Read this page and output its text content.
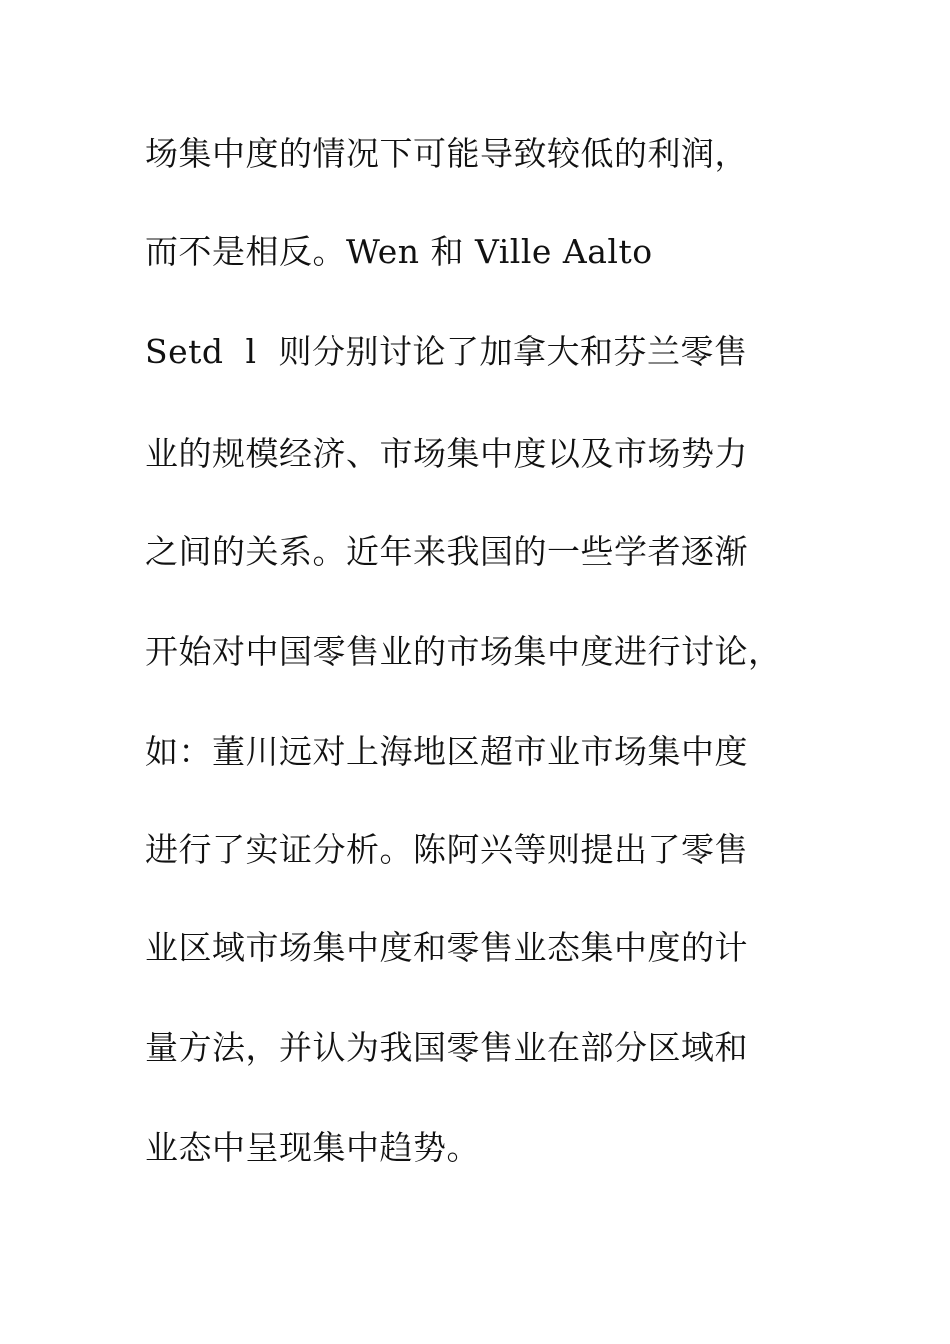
场集中度的情况下可能导致较低的利润，
而不是相反。Wen 和 Ville Aalto
Setd  l  则分别讨论了加拿大和芬兰零售
业的规模经济、市场集中度以及市场势力
之间的关系。近年来我国的一些学者逐渐
开始对中国零售业的市场集中度进行讨论，
如：董川远对上海地区超市业市场集中度
进行了实证分析。陈阿兴等则提出了零售
业区域市场集中度和零售业态集中度的计
量方法，并认为我国零售业在部分区域和
业态中呈现集中趋势。
